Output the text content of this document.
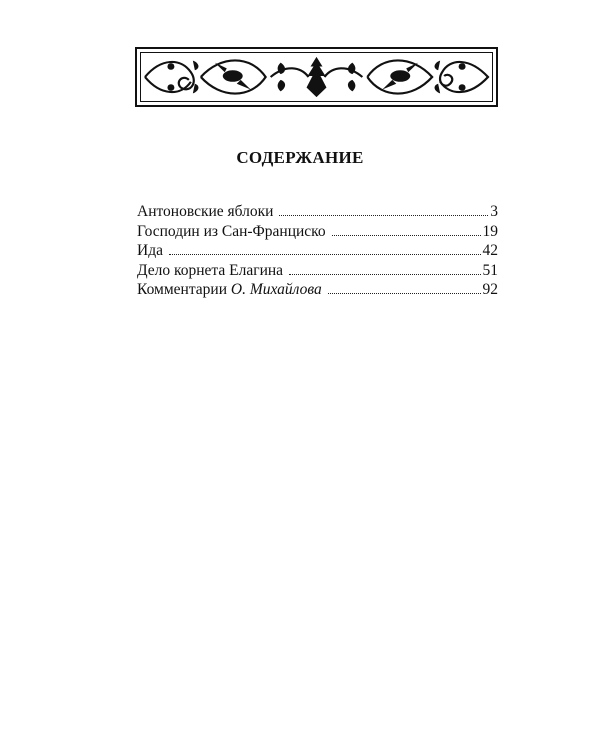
СОДЕРЖАНИЕ
Антоновские яблоки	3
Господин из Сан-Франциско	19
Ида	42
Дело корнета Елагина	51
Комментарии О. Михайлова	92
